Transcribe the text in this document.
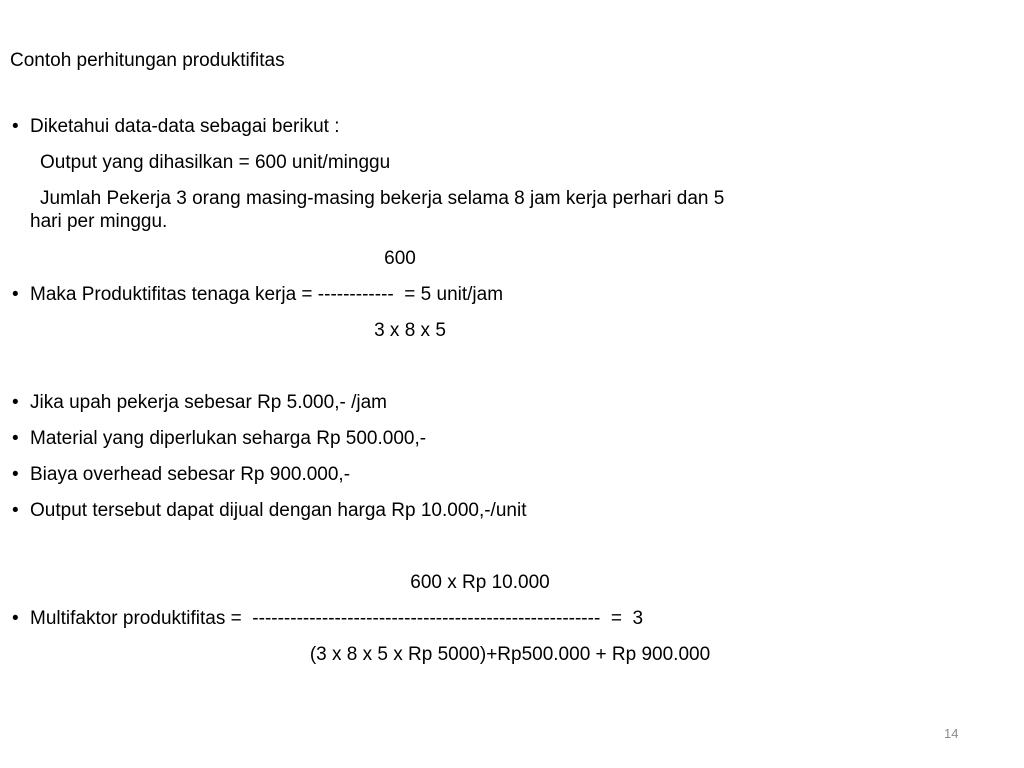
Contoh perhitungan produktifitas

• Diketahui data-data sebagai berikut :

Output yang dihasilkan = 600 unit/minggu

Jumlah Pekerja 3 orang masing-masing bekerja selama 8 jam kerja perhari dan 5

hari per minggu.

600

• Maka Produktifitas tenaga kerja = ------------  = 5 unit/jam

3 x 8 x 5

• Jika upah pekerja sebesar Rp 5.000,- /jam

• Material yang diperlukan seharga Rp 500.000,-

• Biaya overhead sebesar Rp 900.000,-

• Output tersebut dapat dijual dengan harga Rp 10.000,-/unit

600 x Rp 10.000

• Multifaktor produktifitas =  -------------------------------------------------------  =  3

(3 x 8 x 5 x Rp 5000)+Rp500.000 + Rp 900.000

14
